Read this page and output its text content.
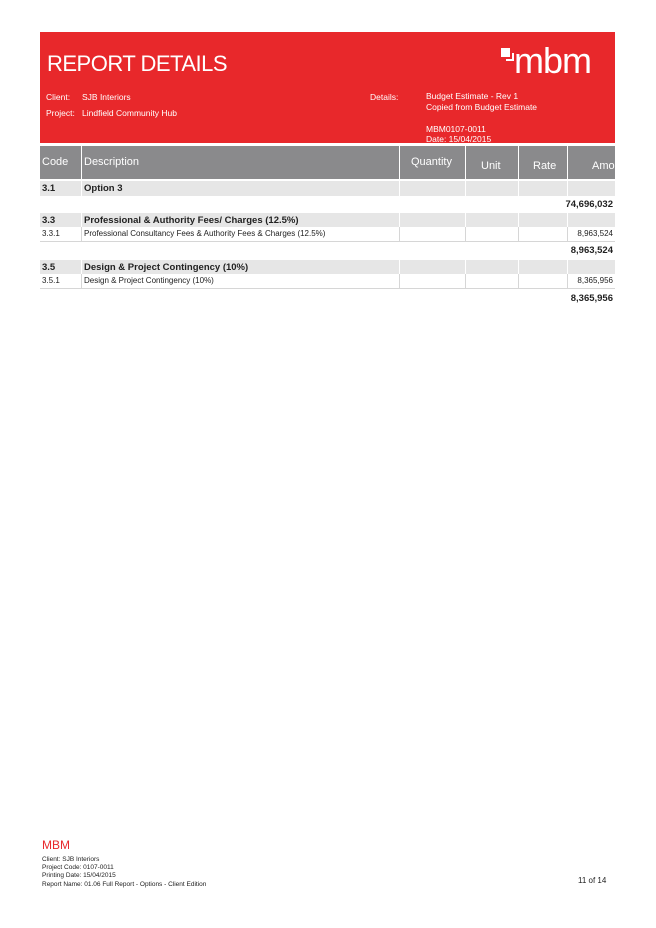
REPORT DETAILS
Client: SJB Interiors
Project: Lindfield Community Hub
Details:	Budget Estimate - Rev 1
Copied from Budget Estimate
MBM0107-0011
Date: 15/04/2015
mbm
Code Description	Quantity	Unit	Rate	Amount
3.1	Option 3
74,696,032
3.3	Professional & Authority Fees/ Charges (12.5%)
3.3.1	Professional Consultancy Fees & Authority Fees & Charges (12.5%)	8,963,524
8,963,524
3.5	Design & Project Contingency (10%)
3.5.1	Design & Project Contingency (10%)	8,365,956
8,365,956
MBM
Client: SJB Interiors
Project Code: 0107-0011
Printing Date: 15/04/2015
Report Name: 01.06 Full Report - Options - Client Edition	11 of 14
